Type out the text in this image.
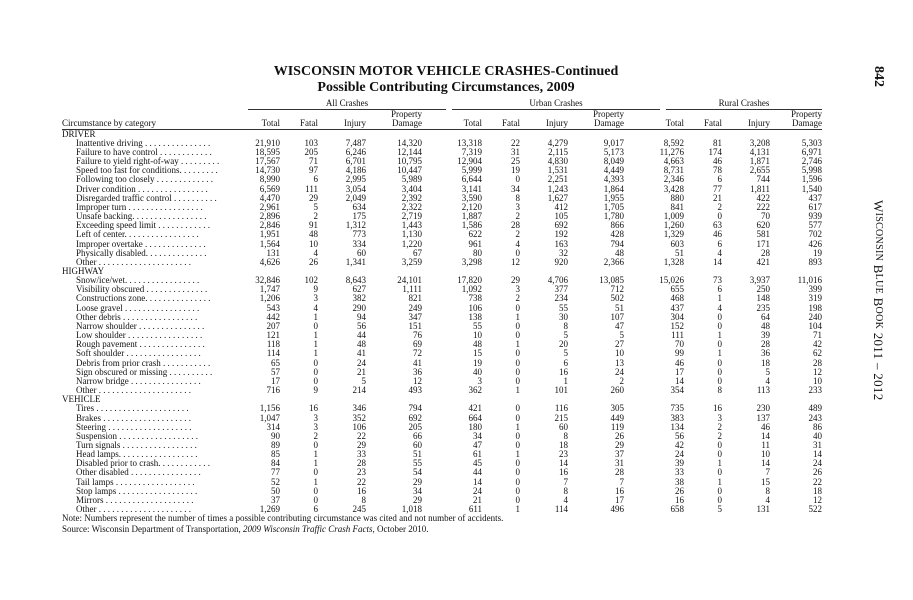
842
WISCONSIN BLUE BOOK 2011 – 2012
WISCONSIN MOTOR VEHICLE CRASHES-Continued
Possible Contributing Circumstances, 2009
All Crashes	Urban Crashes	Rural Crashes
				Property				Property				Property
Circumstance by category	Total	Fatal	Injury	Damage	Total	Fatal	Injury	Damage	Total	Fatal	Injury	Damage
DRIVER												
Inattentive driving . . . . . . . . . . . . . . .	21,910	103	7,487	14,320	13,318	22	4,279	9,017	8,592	81	3,208	5,303
Failure to have control . . . . . . . . . . . .	18,595	205	6,246	12,144	7,319	31	2,115	5,173	11,276	174	4,131	6,971
Failure to yield right-of-way . . . . . . . . .	17,567	71	6,701	10,795	12,904	25	4,830	8,049	4,663	46	1,871	2,746
Speed too fast for conditions. . . . . . . . .	14,730	97	4,186	10,447	5,999	19	1,531	4,449	8,731	78	2,655	5,998
Following too closely . . . . . . . . . . . . .	8,990	6	2,995	5,989	6,644	0	2,251	4,393	2,346	6	744	1,596
Driver condition . . . . . . . . . . . . . . . .	6,569	111	3,054	3,404	3,141	34	1,243	1,864	3,428	77	1,811	1,540
Disregarded traffic control . . . . . . . . . .	4,470	29	2,049	2,392	3,590	8	1,627	1,955	880	21	422	437
Improper turn . . . . . . . . . . . . . . . . .	2,961	5	634	2,322	2,120	3	412	1,705	841	2	222	617
Unsafe backing. . . . . . . . . . . . . . . . .	2,896	2	175	2,719	1,887	2	105	1,780	1,009	0	70	939
Exceeding speed limit . . . . . . . . . . . .	2,846	91	1,312	1,443	1,586	28	692	866	1,260	63	620	577
Left of center. . . . . . . . . . . . . . . . .	1,951	48	773	1,130	622	2	192	428	1,329	46	581	702
Improper overtake . . . . . . . . . . . . . .	1,564	10	334	1,220	961	4	163	794	603	6	171	426
Physically disabled. . . . . . . . . . . . . .	131	4	60	67	80	0	32	48	51	4	28	19
Other . . . . . . . . . . . . . . . . . . . . .	4,626	26	1,341	3,259	3,298	12	920	2,366	1,328	14	421	893
HIGHWAY												
Snow/ice/wet. . . . . . . . . . . . . . . . .	32,846	102	8,643	24,101	17,820	29	4,706	13,085	15,026	73	3,937	11,016
Visibility obscured . . . . . . . . . . . . . .	1,747	9	627	1,111	1,092	3	377	712	655	6	250	399
Constructions zone. . . . . . . . . . . . . . .	1,206	3	382	821	738	2	234	502	468	1	148	319
Loose gravel . . . . . . . . . . . . . . . . .	543	4	290	249	106	0	55	51	437	4	235	198
Other debris . . . . . . . . . . . . . . . . .	442	1	94	347	138	1	30	107	304	0	64	240
Narrow shoulder . . . . . . . . . . . . . . .	207	0	56	151	55	0	8	47	152	0	48	104
Low shoulder . . . . . . . . . . . . . . . . .	121	1	44	76	10	0	5	5	111	1	39	71
Rough pavement . . . . . . . . . . . . . . .	118	1	48	69	48	1	20	27	70	0	28	42
Soft shoulder . . . . . . . . . . . . . . . . .	114	1	41	72	15	0	5	10	99	1	36	62
Debris from prior crash . . . . . . . . . . .	65	0	24	41	19	0	6	13	46	0	18	28
Sign obscured or missing . . . . . . . . . .	57	0	21	36	40	0	16	24	17	0	5	12
Narrow bridge . . . . . . . . . . . . . . . .	17	0	5	12	3	0	1	2	14	0	4	10
Other . . . . . . . . . . . . . . . . . . . . .	716	9	214	493	362	1	101	260	354	8	113	233
VEHICLE												
Tires . . . . . . . . . . . . . . . . . . . . .	1,156	16	346	794	421	0	116	305	735	16	230	489
Brakes . . . . . . . . . . . . . . . . . . . .	1,047	3	352	692	664	0	215	449	383	3	137	243
Steering . . . . . . . . . . . . . . . . . . .	314	3	106	205	180	1	60	119	134	2	46	86
Suspension . . . . . . . . . . . . . . . . . .	90	2	22	66	34	0	8	26	56	2	14	40
Turn signals . . . . . . . . . . . . . . . . .	89	0	29	60	47	0	18	29	42	0	11	31
Head lamps. . . . . . . . . . . . . . . . . .	85	1	33	51	61	1	23	37	24	0	10	14
Disabled prior to crash. . . . . . . . . . . .	84	1	28	55	45	0	14	31	39	1	14	24
Other disabled . . . . . . . . . . . . . . . .	77	0	23	54	44	0	16	28	33	0	7	26
Tail lamps . . . . . . . . . . . . . . . . . .	52	1	22	29	14	0	7	7	38	1	15	22
Stop lamps . . . . . . . . . . . . . . . . . .	50	0	16	34	24	0	8	16	26	0	8	18
Mirrors . . . . . . . . . . . . . . . . . . . .	37	0	8	29	21	0	4	17	16	0	4	12
Other . . . . . . . . . . . . . . . . . . . . .	1,269	6	245	1,018	611	1	114	496	658	5	131	522
Note: Numbers represent the number of times a possible contributing circumstance was cited and not number of accidents.
Source: Wisconsin Department of Transportation, 2009 Wisconsin Traffic Crash Facts, October 2010.
